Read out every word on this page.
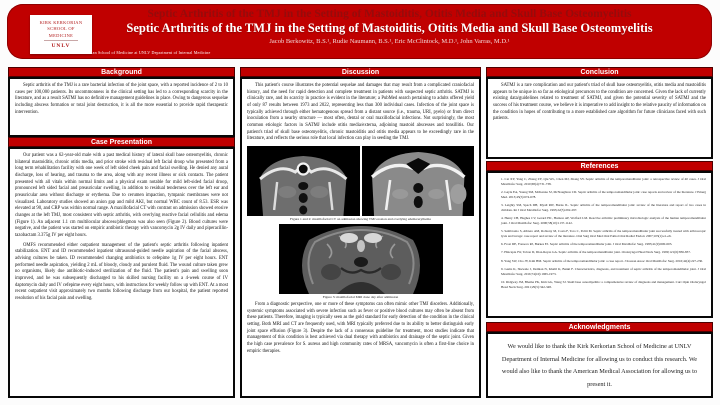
Septic Arthritis of the TMJ in the Setting of Mastoiditis, Otitis Media and Skull Base Osteomyelitis
Septic Arthritis of the TMJ in the Setting of Mastoiditis, Otitis Media and Skull Base Osteomyelitis
Jacob Berkowitz, B.S.¹, Rudie Naumann, B.S.¹, Eric McClintock, M.D.¹, John Varras, M.D.¹
KIRK KERKORIAN
SCHOOL OF
MEDICINE
UNLV
© Kirk Kerkorian School of Medicine at UNLV Department of Internal Medicine
Background

Septic arthritis of the TMJ is a rare bacterial infection of the joint space, with a reported incidence of 2 to 10 cases per 100,000 patients. Its uncommonness in the clinical setting has led to a corresponding scarcity in the literature, and as a result SATMJ has no definitive management guidelines in place. Owing to dangerous sequelae including abscess formation or total joint destruction, it is all the more essential to provide rapid therapeutic intervention.

Case Presentation

Our patient was a 62-year-old male with a past medical history of lateral skull base osteomyelitis, chronic bilateral mastoiditis, chronic otitis media, and prior stroke with residual left facial droop who presented from a long term rehabilitation facility with one week of left sided cheek pain and facial swelling. He denied any aural discharge, loss of hearing, and trauma to the area, along with any recent illness or sick contacts. The patient presented with all vitals within normal limits and a physical exam notable for mild left-sided facial droop, pronounced left sided facial and preauricular swelling, in addition to residual tenderness over the left ear and preauricular area without discharge or erythema. Due to cerumen impaction, tympanic membranes were not visualized. Laboratory studies showed an anion gap and mild AKI, but normal WBC count of 8.53. ESR was elevated at 90, and CRP was within normal range. A maxillofacial CT with contrast on admission showed erosive changes at the left TMJ, most consistent with septic arthritis, with overlying reactive facial cellulitis and edema (Figure 1). An adjacent 1.1 cm multilocular abscess/phlegmon was also seen (Figure 2). Blood cultures were negative, and the patient was started on empiric antibiotic therapy with vancomycin 2g IV daily and piperacillin-tazobactam 3.375g IV per eight hours.

OMFS recommended either outpatient management of the patient's septic arthritis following inpatient stabilization. ENT and ID recommended inpatient ultrasound-guided needle aspiration of the facial abscess, advising cultures be taken. ID recommended changing antibiotics to cefepime 1g IV per eight hours. ENT performed needle aspiration, yielding 2 mL of bloody, cloudy and purulent fluid. The wound culture taken grew no organisms, likely due antibiotic-induced sterilization of the fluid. The patient's pain and swelling soon improved, and he was subsequently discharged to his skilled nursing facility on a 4-week course of IV daptomycin daily and IV cefepime every eight hours, with instructions for weekly follow up with ENT. At a most recent outpatient visit approximately two months following discharge from our hospital, the patient reported resolution of his facial pain and swelling.

Discussion

This patient's course illustrates the potential sequelae and damages that may result from a complicated craniofacial history, and the need for rapid detection and complete treatment in patients with suspected septic arthritis. SATMJ is clinically rare, and its scarcity in practice is evident in the literature; a PubMed search pertaining to adults offered yield of only 87 results between 1973 and 2022, representing less than 300 individual cases. Infection of the joint space is typically achieved through either hematogenous spread from a distant source (i.e., trauma, URI, pyelo) or from direct inoculation from a nearby structure — most often, dental or oral maxillofacial infections. Not surprisingly, the most common etiologic factors in SATMJ include otitis media/externa, adjoining mastoid abscesses and tonsillitis. Our patient's triad of skull base osteomyelitis, chronic mastoiditis and otitis media appears to be exceedingly rare in the literature, and reflects the serious role that local infection can play in seeding the TMJ.

Figure 1 and 2: maxillofacial CT on admission showing TMJ erosion and overlying edema/erythema
Figure 3: maxillofacial MRI done day after admission

From a diagnostic perspective, one or more of these symptoms can often mimic other TMJ disorders. Additionally, systemic symptoms associated with severe infection such as fever or positive blood cultures may often be absent from these patients. Therefore, imaging is typically seen as the gold standard for early detection of the condition in the clinical setting. Both MRI and CT are frequently used, with MRI typically preferred due to its ability to better distinguish early joint space effusion (Figure 3). Despite the lack of a consensus guideline for treatment, most studies indicate that management of this condition is best achieved via dual therapy with antibiotics and drainage of the septic joint. Given the high case prevalence for S. aureus and high community rates of MRSA, vancomycin is often a first-line choice in empiric therapies.

Conclusion

SATMJ is a rare complication and our patient's triad of skull base osteomyelitis, otitis media and mastoiditis appears to be unique in so far as etiological precursors to the condition are concerned. Given the lack of currently existing data/guidelines related to treatment of SATMJ, and given the potential severity of SATMJ and the success of his treatment course, we believe it is imperative to add insight to the relative paucity of information on the condition in hopes of contributing to a more established care algorithm for future clinicians faced with such patients.

References
1. Cai XY, Yang C, Zhang ZY, Qiu WL, Chen MJ, Zhang SY. Septic arthritis of the temporomandibular joint: a retrospective review of 40 cases. J Oral Maxillofac Surg. 2010;68(4):731-738.
2. Gayle EA, Young SM, McKenna SJ, McNaughton CD. Septic arthritis of the temporomandibular joint: case reports and review of the literature. J Emerg Med. 2013;45(5):674-678.
3. Leighty SM, Spach DH, Myall RW, Burns JL. Septic arthritis of the temporomandibular joint: review of the literature and report of two cases in children. Int J Oral Maxillofac Surg. 1993;22(5):292-297.
4. Henry CH, Hughes CV, Gerard HC, Hudson AP, Wolford LM. Reactive arthritis: preliminary microbiologic analysis of the human temporomandibular joint. J Oral Maxillofac Surg. 2000;58(10):1137-1142.
5. Sembronio S, Albiero AM, Robiony M, Costa F, Toro C, Politi M. Septic arthritis of the temporomandibular joint successfully treated with arthroscopic lysis and lavage: case report and review of the literature. Oral Surg Oral Med Oral Pathol Oral Radiol Endod. 2007;103(1):e1-e6.
6. Frost DE, Fonseca RJ, Burkes EJ. Septic arthritis of the temporomandibular joint. J Oral Maxillofac Surg. 1983;41(9):600-603.
7. Hincapie JW, Tobon D, Diaz-Reyes GA. Septic arthritis of the temporomandibular joint. Otolaryngol Head Neck Surg. 1999;121(6):836-837.
8. Yang SW, Cho JY, Kim HM. Septic arthritis of the temporomandibular joint: a case report. J Korean Assoc Oral Maxillofac Surg. 2016;42(4):227-230.
9. Gams K, Shewale J, Demian N, Khalil K, Banki F. Characteristics, diagnosis, and treatment of septic arthritis of the temporomandibular joint. J Oral Maxillofac Surg. 2016;74(10):1965-1973.
10. Ridgway JM, Bhama PK, Kim GG, Wang SJ. Skull base osteomyelitis: a comprehensive review of diagnosis and management. Curr Opin Otolaryngol Head Neck Surg. 2021;29(5):342-348.
Acknowledgments
We would like to thank the Kirk Kerkorian School of Medicine at UNLV Department of Internal Medicine for allowing us to conduct this research. We would also like to thank the American Medical Association for allowing us to present it.
